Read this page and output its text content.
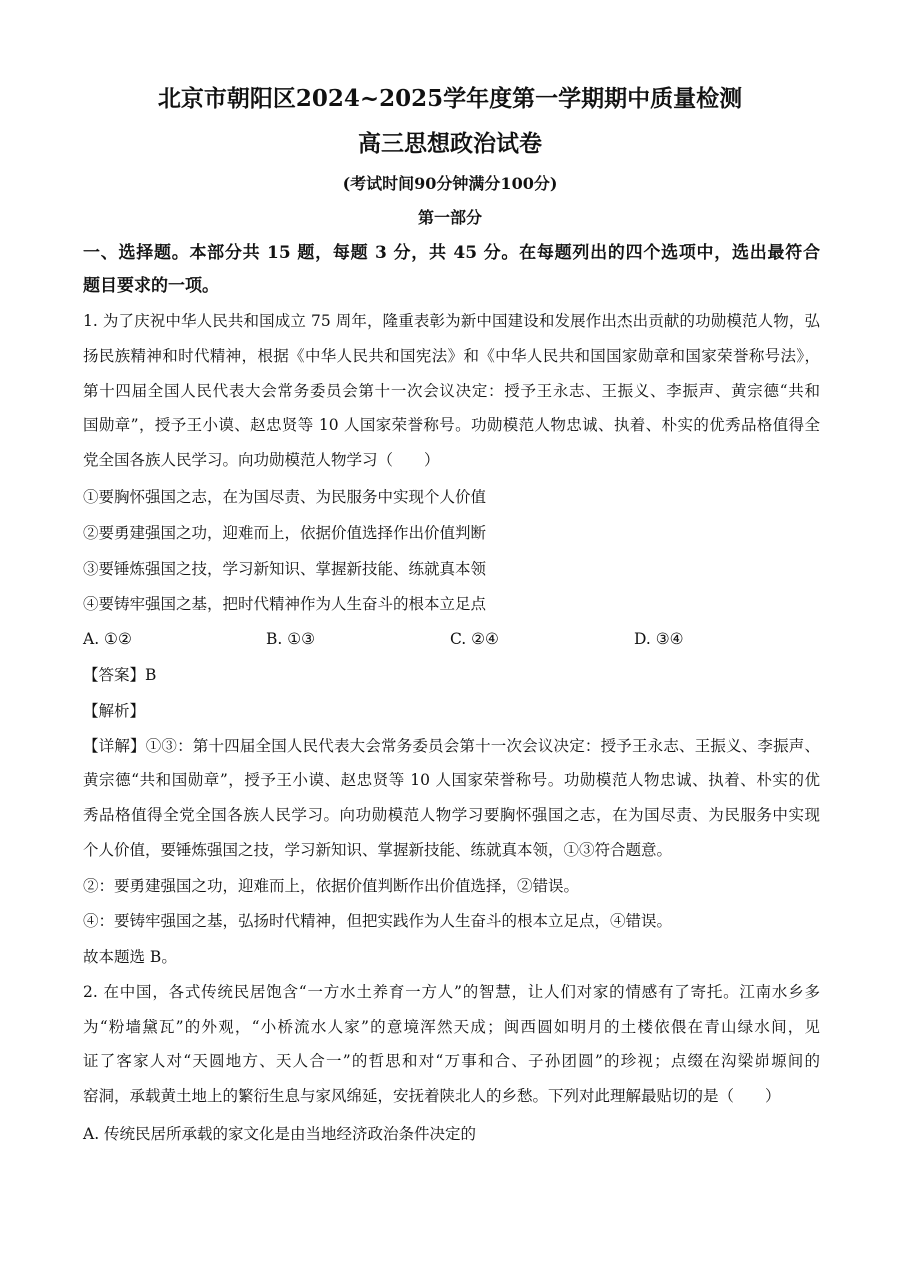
北京市朝阳区2024~2025学年度第一学期期中质量检测
高三思想政治试卷
(考试时间90分钟满分100分)
第一部分
一、选择题。本部分共 15 题，每题 3 分，共 45 分。在每题列出的四个选项中，选出最符合
题目要求的一项。
1. 为了庆祝中华人民共和国成立 75 周年，隆重表彰为新中国建设和发展作出杰出贡献的功勋模范人物，弘
扬民族精神和时代精神，根据《中华人民共和国宪法》和《中华人民共和国国家勋章和国家荣誉称号法》，
第十四届全国人民代表大会常务委员会第十一次会议决定：授予王永志、王振义、李振声、黄宗德“共和
国勋章”，授予王小谟、赵忠贤等 10 人国家荣誉称号。功勋模范人物忠诚、执着、朴实的优秀品格值得全
党全国各族人民学习。向功勋模范人物学习（　　）
①要胸怀强国之志，在为国尽责、为民服务中实现个人价值
②要勇建强国之功，迎难而上，依据价值选择作出价值判断
③要锤炼强国之技，学习新知识、掌握新技能、练就真本领
④要铸牢强国之基，把时代精神作为人生奋斗的根本立足点
A. ①②	B. ①③	C. ②④	D. ③④
【答案】B
【解析】
【详解】①③：第十四届全国人民代表大会常务委员会第十一次会议决定：授予王永志、王振义、李振声、
黄宗德“共和国勋章”，授予王小谟、赵忠贤等 10 人国家荣誉称号。功勋模范人物忠诚、执着、朴实的优
秀品格值得全党全国各族人民学习。向功勋模范人物学习要胸怀强国之志，在为国尽责、为民服务中实现
个人价值，要锤炼强国之技，学习新知识、掌握新技能、练就真本领，①③符合题意。
②：要勇建强国之功，迎难而上，依据价值判断作出价值选择，②错误。
④：要铸牢强国之基，弘扬时代精神，但把实践作为人生奋斗的根本立足点，④错误。
故本题选 B。
2. 在中国，各式传统民居饱含“一方水土养育一方人”的智慧，让人们对家的情感有了寄托。江南水乡多
为“粉墙黛瓦”的外观，“小桥流水人家”的意境浑然天成；闽西圆如明月的土楼依偎在青山绿水间，见
证了客家人对“天圆地方、天人合一”的哲思和对“万事和合、子孙团圆”的珍视；点缀在沟梁峁塬间的
窑洞，承载黄土地上的繁衍生息与家风绵延，安抚着陕北人的乡愁。下列对此理解最贴切的是（　　）
A. 传统民居所承载的家文化是由当地经济政治条件决定的
